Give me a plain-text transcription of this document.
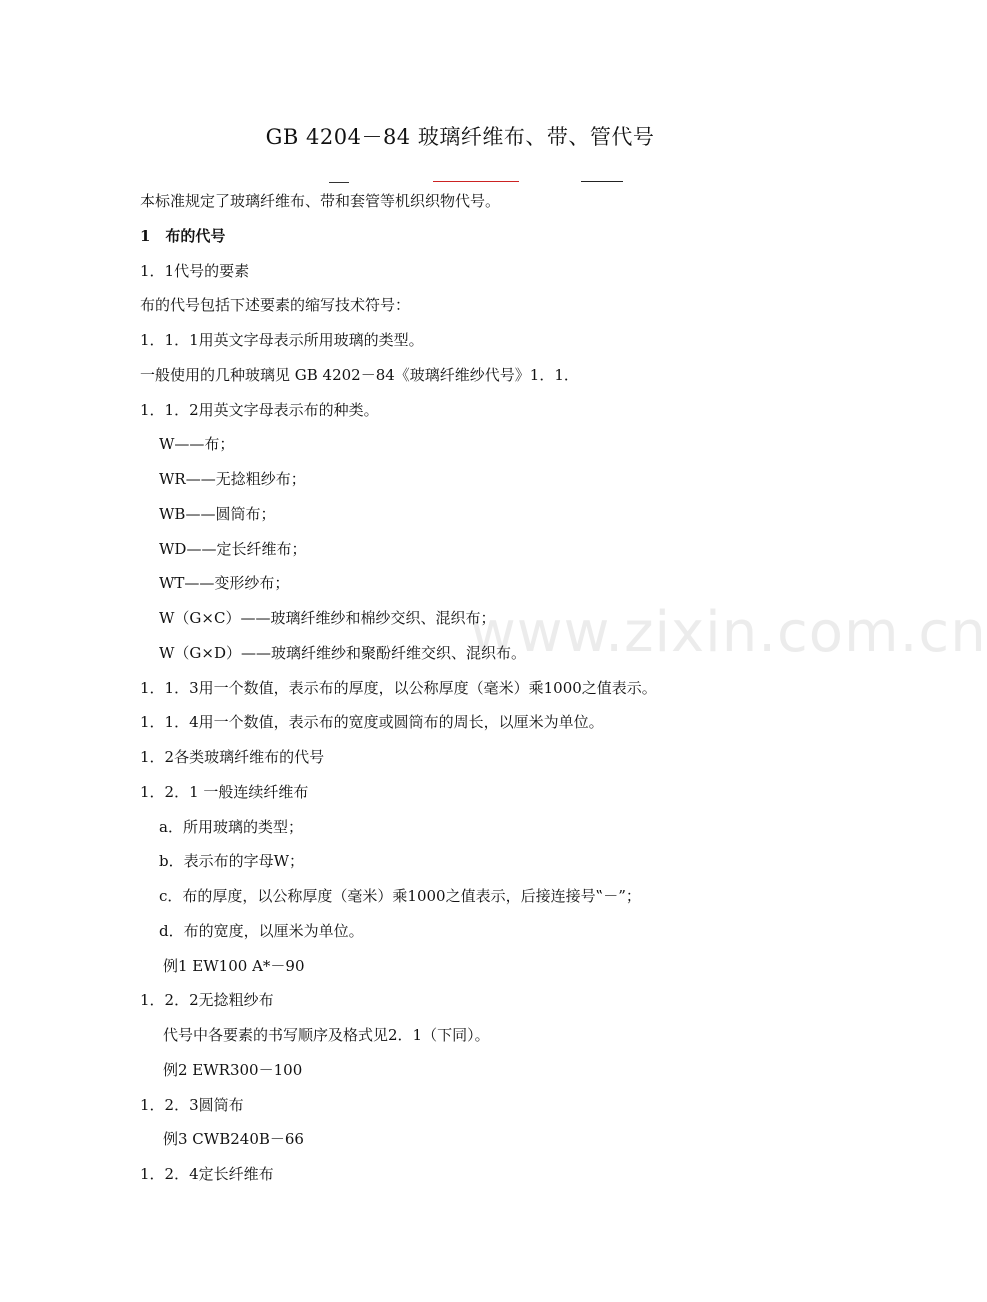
GB 4204－84 玻璃纤维布、带、管代号
www.zixin.com.cn
本标准规定了玻璃纤维布、带和套管等机织织物代号。
1　布的代号
1．1代号的要素
布的代号包括下述要素的缩写技术符号：
1．1．1用英文字母表示所用玻璃的类型。
一般使用的几种玻璃见 GB 4202－84《玻璃纤维纱代号》1．1．
1．1．2用英文字母表示布的种类。
W——布；
WR——无捻粗纱布；
WB——圆筒布；
WD——定长纤维布；
WT——变形纱布；
W（G×C）——玻璃纤维纱和棉纱交织、混织布；
W（G×D）——玻璃纤维纱和聚酚纤维交织、混织布。
1．1．3用一个数值，表示布的厚度，以公称厚度（毫米）乘1000之值表示。
1．1．4用一个数值，表示布的宽度或圆筒布的周长，以厘米为单位。
1．2各类玻璃纤维布的代号
1．2．1 一般连续纤维布
a．所用玻璃的类型；
b．表示布的字母W；
c．布的厚度，以公称厚度（毫米）乘1000之值表示，后接连接号‟－”；
d．布的宽度，以厘米为单位。
例1 EW100 A*－90
1．2．2无捻粗纱布
代号中各要素的书写顺序及格式见2．1（下同）。
例2 EWR300－100
1．2．3圆筒布
例3 CWB240B－66
1．2．4定长纤维布
